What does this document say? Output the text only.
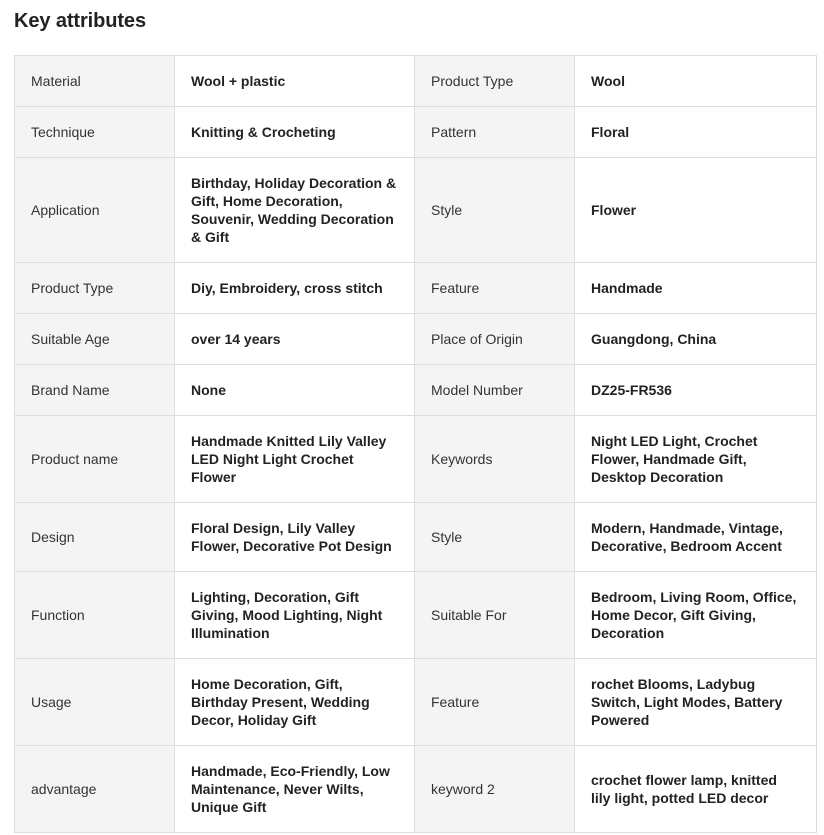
Key attributes
Material	Wool + plastic	Product Type	Wool
Technique	Knitting & Crocheting	Pattern	Floral
Application	Birthday, Holiday Decoration & Gift, Home Decoration, Souvenir, Wedding Decoration & Gift	Style	Flower
Product Type	Diy, Embroidery, cross stitch	Feature	Handmade
Suitable Age	over 14 years	Place of Origin	Guangdong, China
Brand Name	None	Model Number	DZ25-FR536
Product name	Handmade Knitted Lily Valley LED Night Light Crochet Flower	Keywords	Night LED Light, Crochet Flower, Handmade Gift, Desktop Decoration
Design	Floral Design, Lily Valley Flower, Decorative Pot Design	Style	Modern, Handmade, Vintage, Decorative, Bedroom Accent
Function	Lighting, Decoration, Gift Giving, Mood Lighting, Night Illumination	Suitable For	Bedroom, Living Room, Office, Home Decor, Gift Giving, Decoration
Usage	Home Decoration, Gift, Birthday Present, Wedding Decor, Holiday Gift	Feature	rochet Blooms, Ladybug Switch, Light Modes, Battery Powered
advantage	Handmade, Eco-Friendly, Low Maintenance, Never Wilts, Unique Gift	keyword 2	crochet flower lamp, knitted lily light, potted LED decor
